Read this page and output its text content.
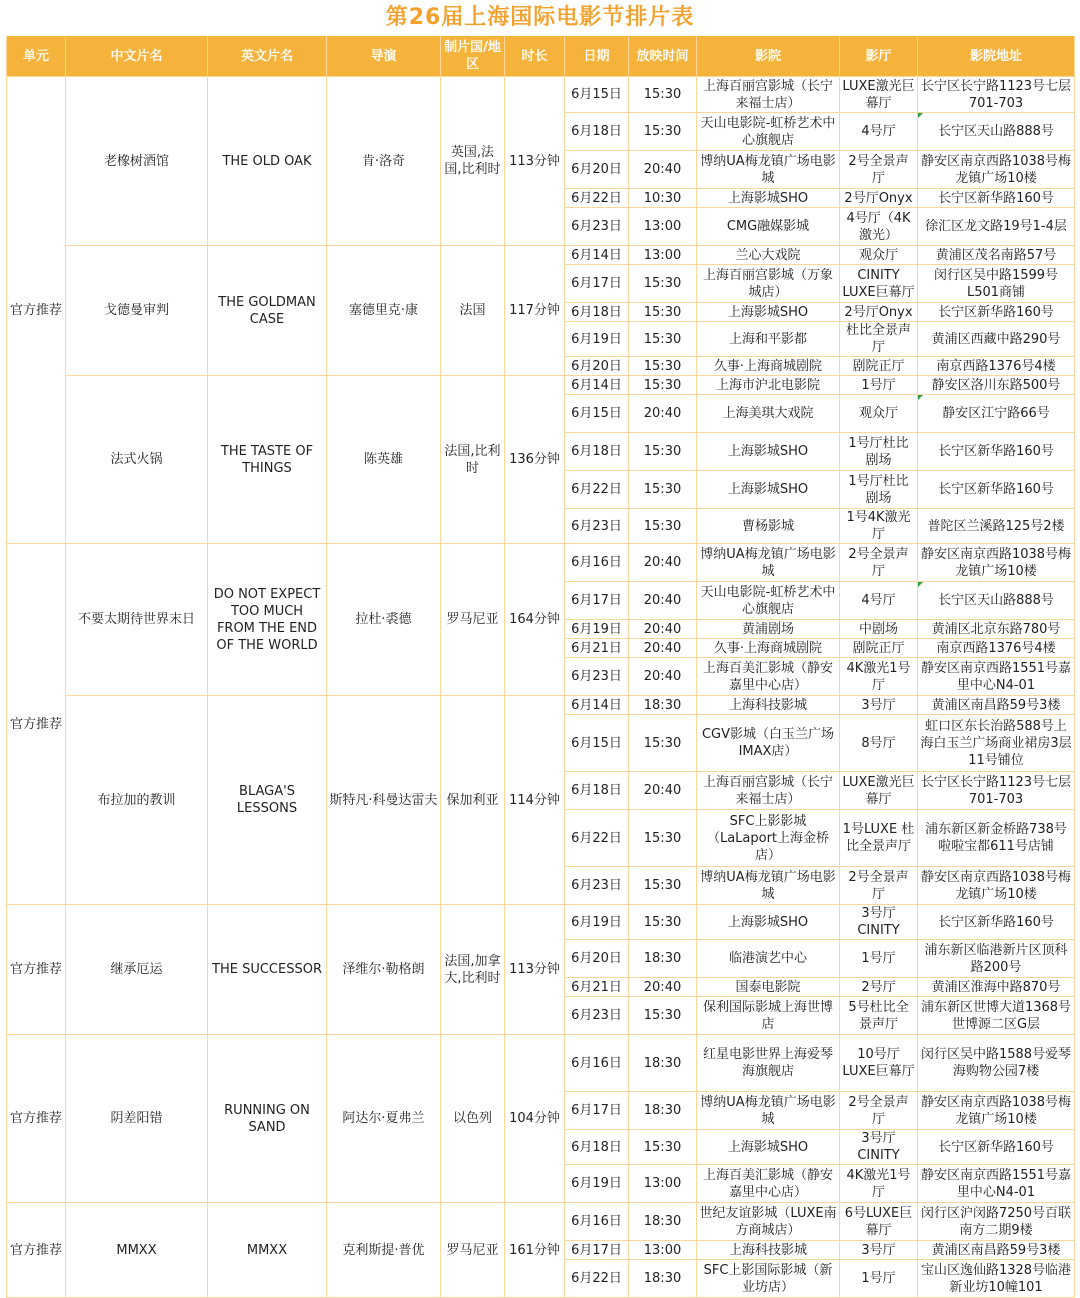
第26届上海国际电影节排片表
单元	中文片名	英文片名	导演	制片国/地区	时长	日期	放映时间	影院	影厅	影院地址
官方推荐	老橡树酒馆	THE OLD OAK	肯·洛奇	英国,法国,比利时	113分钟	6月15日	15:30	上海百丽宫影城（长宁来福士店）	LUXE激光巨幕厅	长宁区长宁路1123号七层701-703
						6月18日	15:30	天山电影院-虹桥艺术中心旗舰店	4号厅	长宁区天山路888号

						6月20日	20:40	博纳UA梅龙镇广场电影城	2号全景声厅	静安区南京西路1038号梅龙镇广场10楼
						6月22日	10:30	上海影城SHO	2号厅Onyx	长宁区新华路160号
						6月23日	13:00	CMG融媒影城	4号厅（4K激光）	徐汇区龙文路19号1-4层
	戈德曼审判	THE GOLDMAN CASE	塞德里克·康	法国	117分钟	6月14日	13:00	兰心大戏院	观众厅	黄浦区茂名南路57号
						6月17日	15:30	上海百丽宫影城（万象城店）	CINITY LUXE巨幕厅	闵行区吴中路1599号L501商铺
						6月18日	15:30	上海影城SHO	2号厅Onyx	长宁区新华路160号
						6月19日	15:30	上海和平影都	杜比全景声厅	黄浦区西藏中路290号
						6月20日	15:30	久事·上海商城剧院	剧院正厅	南京西路1376号4楼
	法式火锅	THE TASTE OF THINGS	陈英雄	法国,比利时	136分钟	6月14日	15:30	上海市沪北电影院	1号厅	静安区洛川东路500号
						6月15日	20:40	上海美琪大戏院	观众厅	静安区江宁路66号

						6月18日	15:30	上海影城SHO	1号厅杜比剧场	长宁区新华路160号
						6月22日	15:30	上海影城SHO	1号厅杜比剧场	长宁区新华路160号
						6月23日	15:30	曹杨影城	1号4K激光厅	普陀区兰溪路125号2楼
官方推荐	不要太期待世界末日	DO NOT EXPECT TOO MUCH FROM THE END OF THE WORLD	拉杜·裘德	罗马尼亚	164分钟	6月16日	20:40	博纳UA梅龙镇广场电影城	2号全景声厅	静安区南京西路1038号梅龙镇广场10楼
						6月17日	20:40	天山电影院-虹桥艺术中心旗舰店	4号厅	长宁区天山路888号

						6月19日	20:40	黄浦剧场	中剧场	黄浦区北京东路780号
						6月21日	20:40	久事·上海商城剧院	剧院正厅	南京西路1376号4楼
						6月23日	20:40	上海百美汇影城（静安嘉里中心店）	4K激光1号厅	静安区南京西路1551号嘉里中心N4-01
	布拉加的教训	BLAGA'S LESSONS	斯特凡·科曼达雷夫	保加利亚	114分钟	6月14日	18:30	上海科技影城	3号厅	黄浦区南昌路59号3楼
						6月15日	15:30	CGV影城（白玉兰广场IMAX店）	8号厅	虹口区东长治路588号上海白玉兰广场商业裙房3层11号铺位
						6月18日	20:40	上海百丽宫影城（长宁来福士店）	LUXE激光巨幕厅	长宁区长宁路1123号七层701-703
						6月22日	15:30	SFC上影影城（LaLaport上海金桥店）	1号LUXE 杜比全景声厅	浦东新区新金桥路738号啦啦宝都611号店铺
						6月23日	15:30	博纳UA梅龙镇广场电影城	2号全景声厅	静安区南京西路1038号梅龙镇广场10楼
官方推荐	继承厄运	THE SUCCESSOR	泽维尔·勒格朗	法国,加拿大,比利时	113分钟	6月19日	15:30	上海影城SHO	3号厅CINITY	长宁区新华路160号
						6月20日	18:30	临港演艺中心	1号厅	浦东新区临港新片区顶科路200号
						6月21日	20:40	国泰电影院	2号厅	黄浦区淮海中路870号
						6月23日	15:30	保利国际影城上海世博店	5号杜比全景声厅	浦东新区世博大道1368号世博源二区G层
官方推荐	阴差阳错	RUNNING ON SAND	阿达尔·夏弗兰	以色列	104分钟	6月16日	18:30	红星电影世界上海爱琴海旗舰店	10号厅LUXE巨幕厅	闵行区吴中路1588号爱琴海购物公园7楼
						6月17日	18:30	博纳UA梅龙镇广场电影城	2号全景声厅	静安区南京西路1038号梅龙镇广场10楼
						6月18日	15:30	上海影城SHO	3号厅CINITY	长宁区新华路160号
						6月19日	13:00	上海百美汇影城（静安嘉里中心店）	4K激光1号厅	静安区南京西路1551号嘉里中心N4-01
官方推荐	MMXX	MMXX	克利斯提·普优	罗马尼亚	161分钟	6月16日	18:30	世纪友谊影城（LUXE南方商城店）	6号LUXE巨幕厅	闵行区沪闵路7250号百联南方二期9楼
						6月17日	13:00	上海科技影城	3号厅	黄浦区南昌路59号3楼
						6月22日	18:30	SFC上影国际影城（新业坊店）	1号厅	宝山区逸仙路1328号临港新业坊10幢101
